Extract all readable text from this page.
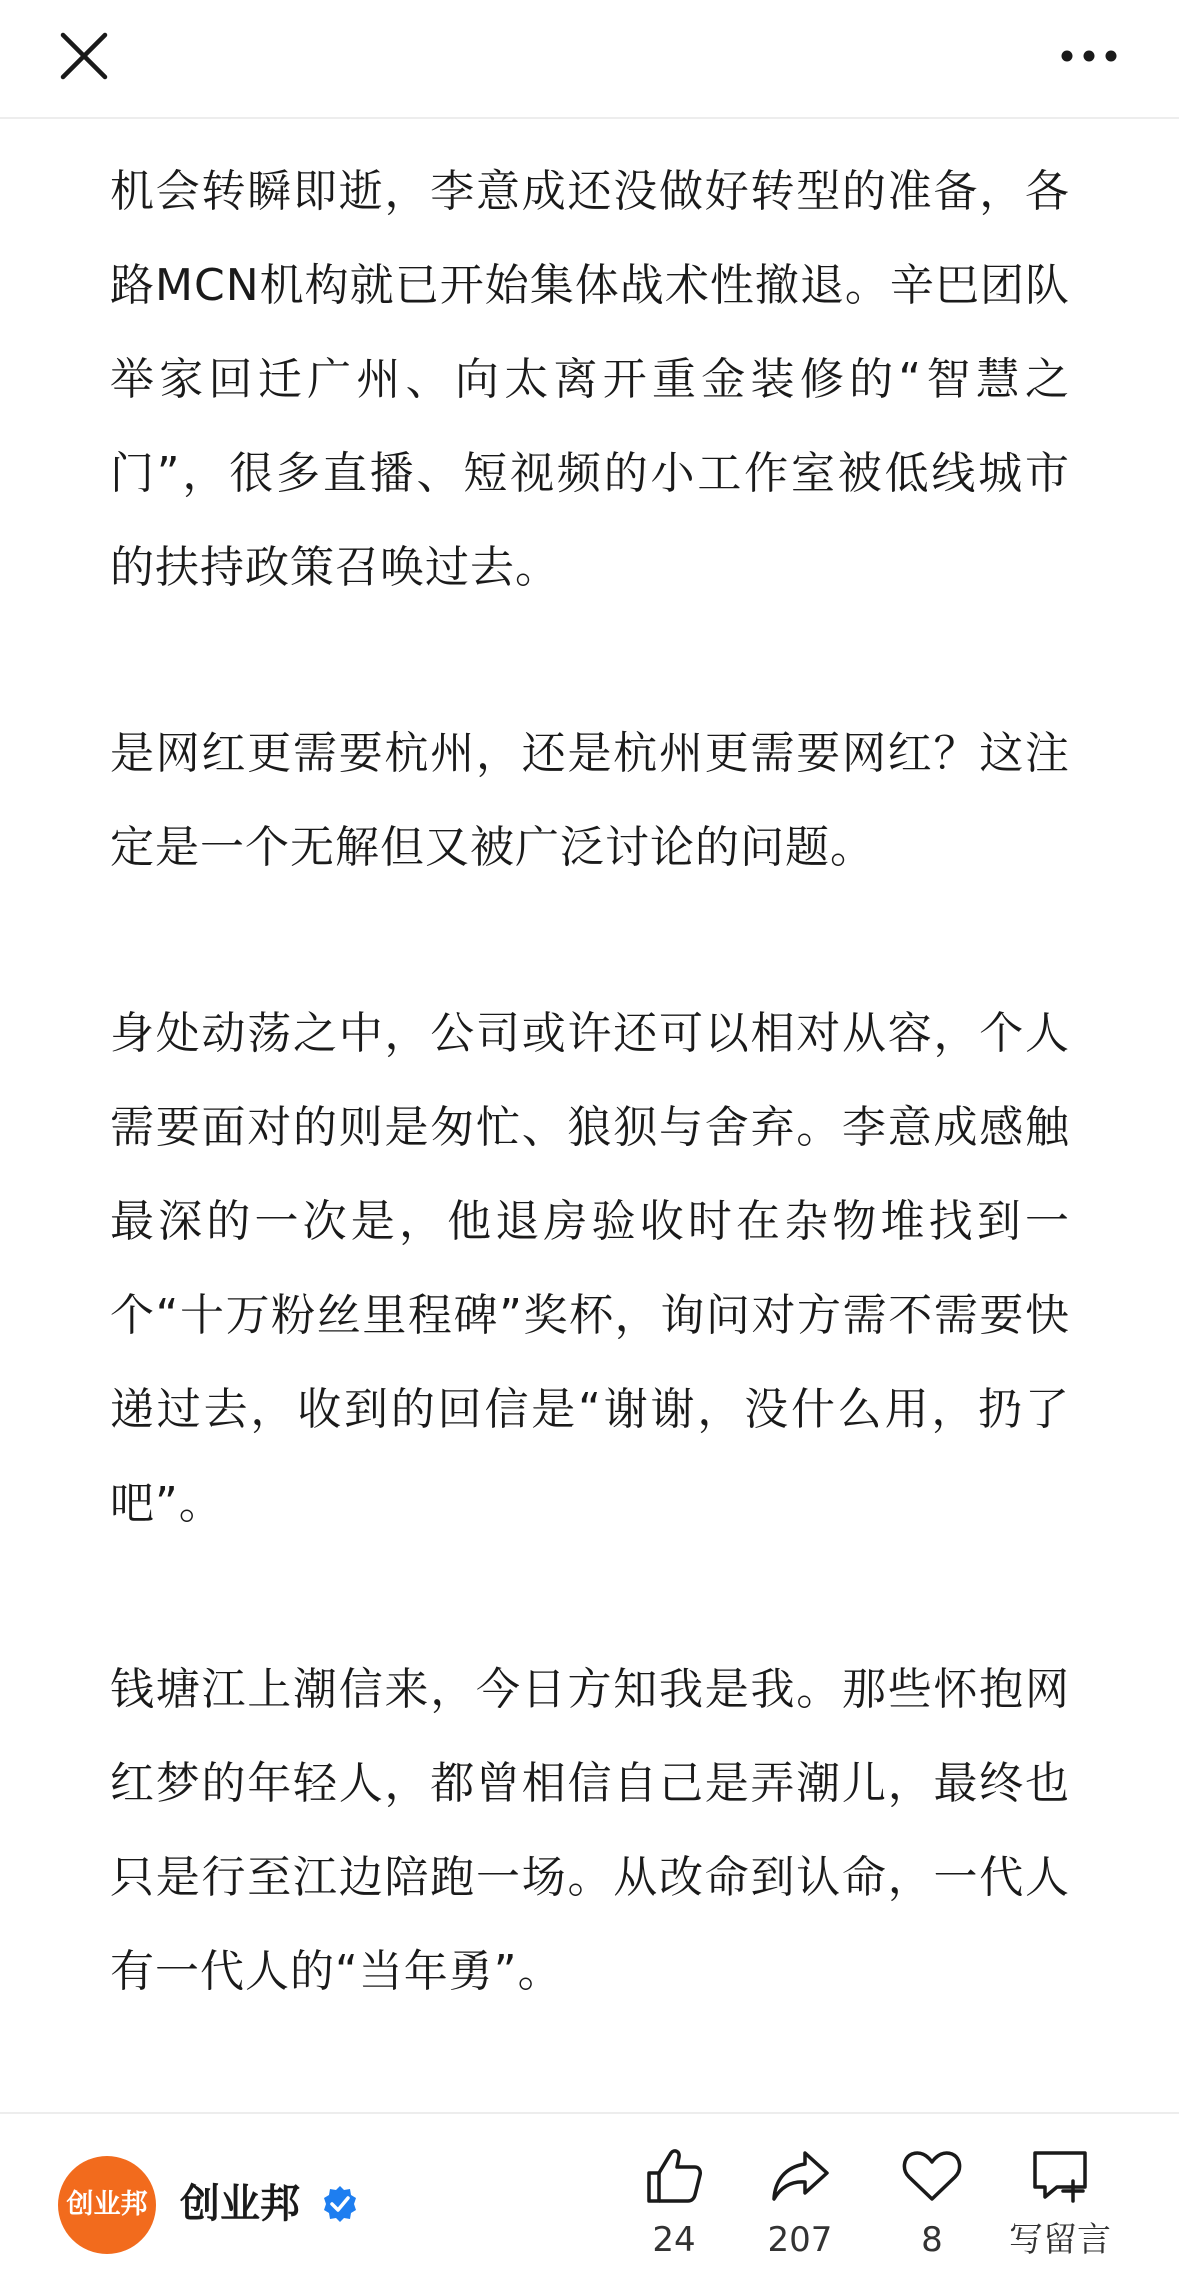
机会转瞬即逝，李意成还没做好转型的准备，各路MCN机构就已开始集体战术性撤退。辛巴团队举家回迁广州、向太离开重金装修的“智慧之门”，很多直播、短视频的小工作室被低线城市的扶持政策召唤过去。

是网红更需要杭州，还是杭州更需要网红？这注定是一个无解但又被广泛讨论的问题。

身处动荡之中，公司或许还可以相对从容，个人需要面对的则是匆忙、狼狈与舍弃。李意成感触最深的一次是，他退房验收时在杂物堆找到一个“十万粉丝里程碑”奖杯，询问对方需不需要快递过去，收到的回信是“谢谢，没什么用，扔了吧”。

钱塘江上潮信来，今日方知我是我。那些怀抱网红梦的年轻人，都曾相信自己是弄潮儿，最终也只是行至江边陪跑一场。从改命到认命，一代人有一代人的“当年勇”。

创业邦 创业邦
24 207	8 写留言
